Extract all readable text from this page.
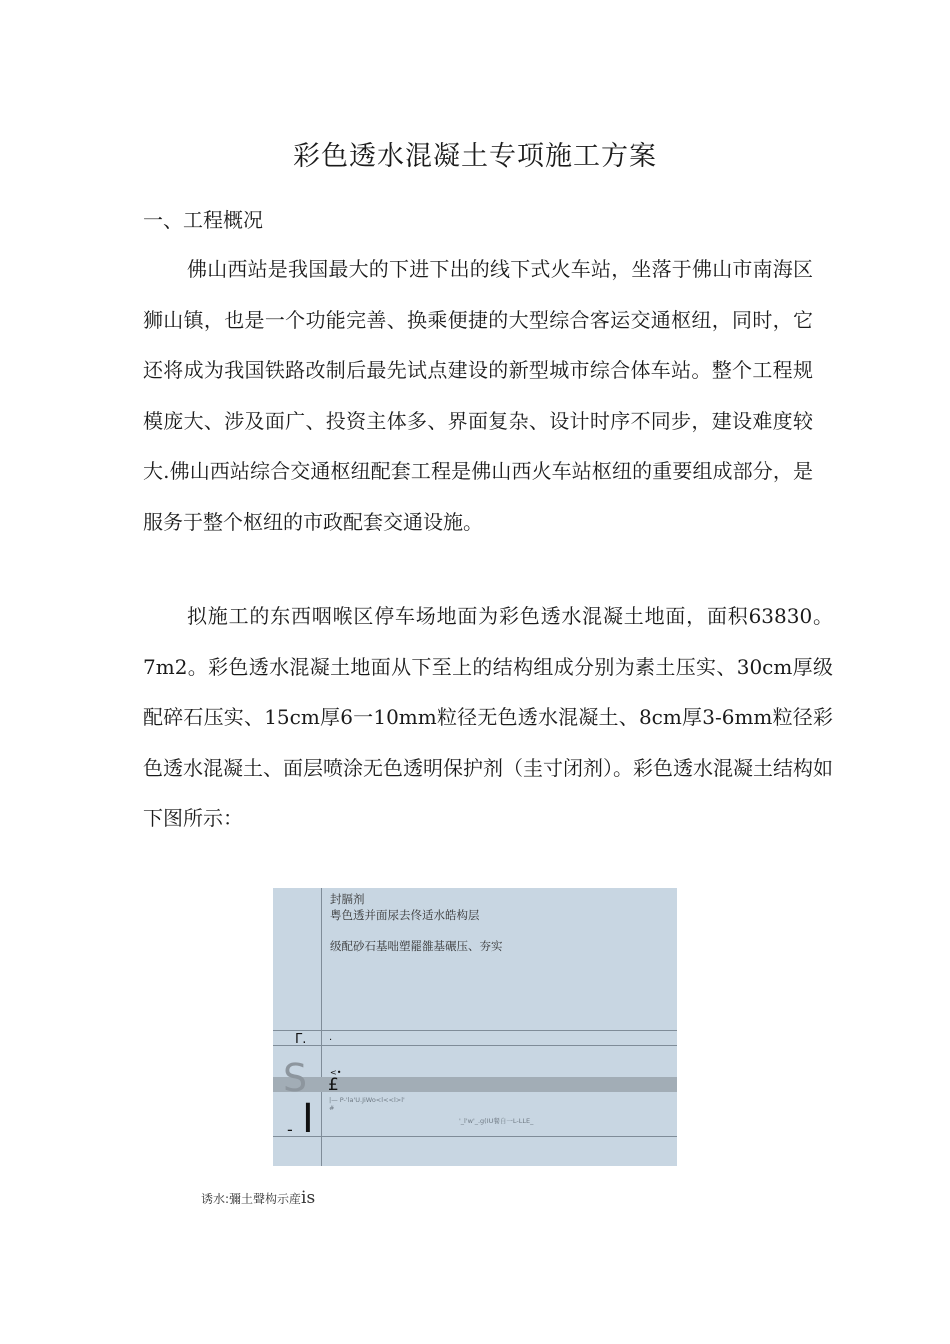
彩色透水混凝土专项施工方案
一、工程概况

佛山西站是我国最大的下进下出的线下式火车站，坐落于佛山市南海区狮山镇，也是一个功能完善、换乘便捷的大型综合客运交通枢纽，同时，它还将成为我国铁路改制后最先试点建设的新型城市综合体车站。整个工程规模庞大、涉及面广、投资主体多、界面复杂、设计时序不同步，建设难度较大.佛山西站综合交通枢纽配套工程是佛山西火车站枢纽的重要组成部分，是服务于整个枢纽的市政配套交通设施。

拟施工的东西咽喉区停车场地面为彩色透水混凝土地面，面积63830。7m2。彩色透水混凝土地面从下至上的结构组成分别为素土压实、30cm厚级配碎石压实、15cm厚6一10mm粒径无色透水混凝土、8cm厚3-6mm粒径彩色透水混凝土、面层喷涂无色透明保护剂（圭寸闭剂）。彩色透水混凝土结构如下图所示：

封膈剂
粤色透并面尿去佟适水皓构层
级配砂石基咄塑罷雒基碾压、夯实
Γ. .
S	<•
£
|— P-'la'U.JiWo<l<<l>l'
#
'_l'w'_.g(IU餐自一L-LLE_
- I
诱水:彌土聲构示産is
